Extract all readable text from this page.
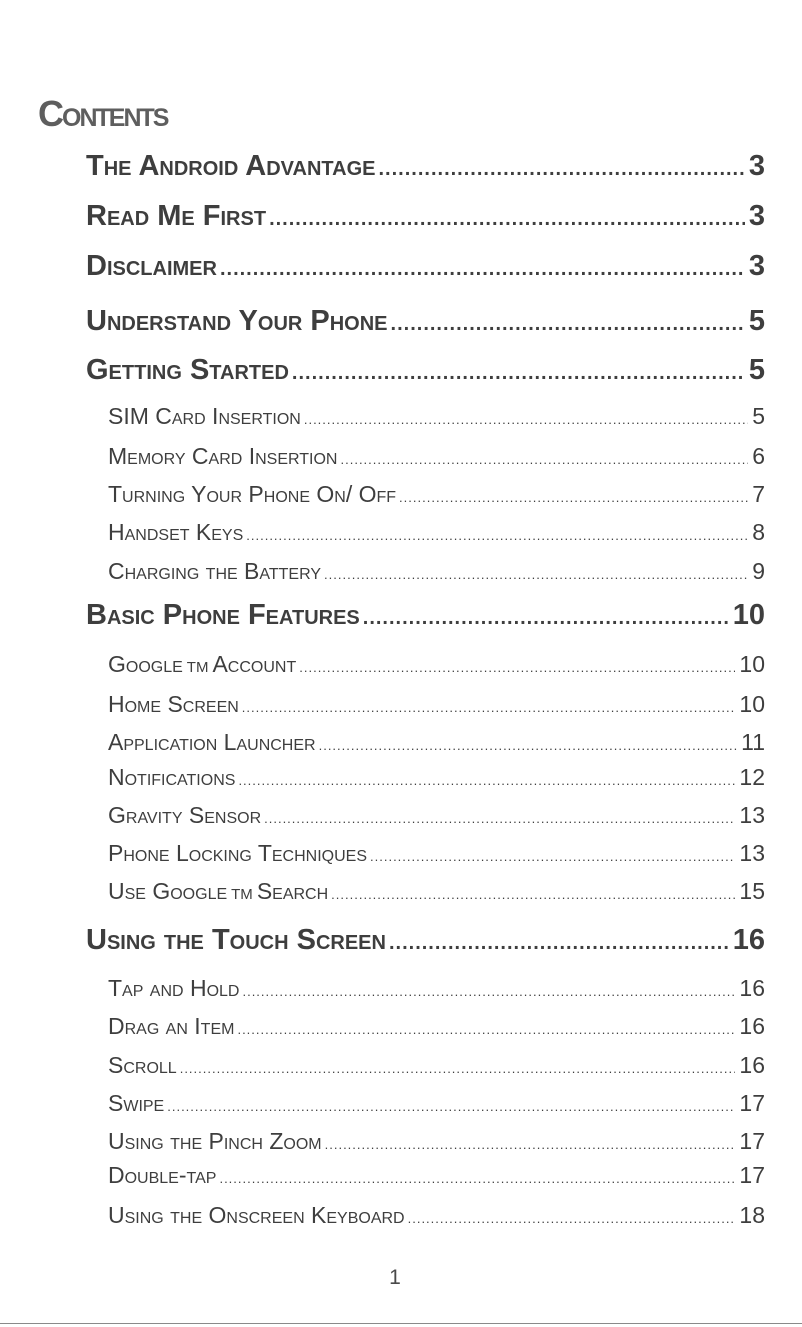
Contents
The Android Advantage .....	3
Read Me First .....	3
Disclaimer .....	3
Understand Your Phone .....	5
Getting Started .....	5
SIM Card Insertion .....	5
Memory Card Insertion .....	6
Turning Your Phone On/ Off .....	7
Handset Keys .....	8
Charging the Battery .....	9
Basic Phone Features .....	10
Google TM Account .....	10
Home Screen .....	10
Application Launcher .....	11
Notifications .....	12
Gravity Sensor .....	13
Phone Locking Techniques .....	13
Use Google TM Search .....	15
Using the Touch Screen .....	16
Tap and Hold .....	16
Drag an Item .....	16
Scroll .....	16
Swipe .....	17
Using the Pinch Zoom .....	17
Double-tap .....	17
Using the Onscreen Keyboard .....	18
1
